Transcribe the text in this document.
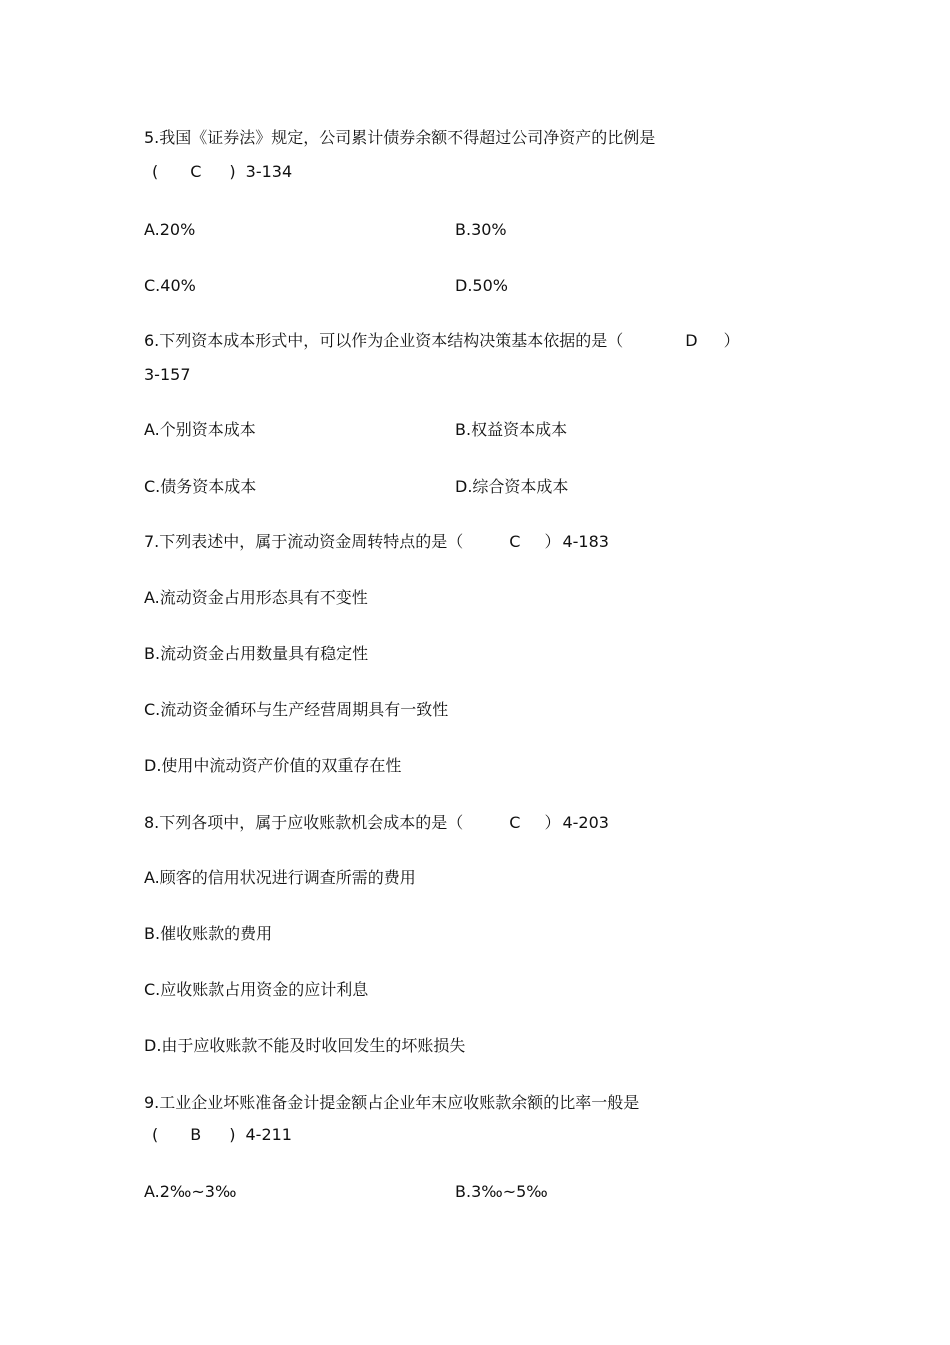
5.我国《证券法》规定，公司累计债券余额不得超过公司净资产的比例是
( C ) 3-134
A.20%	B.30%
C.40%	D.50%
6.下列资本成本形式中，可以作为企业资本结构决策基本依据的是（	D ）
3-157
A.个别资本成本	B.权益资本成本
C.债务资本成本	D.综合资本成本
7.下列表述中，属于流动资金周转特点的是（	C ） 4-183
A.流动资金占用形态具有不变性
B.流动资金占用数量具有稳定性
C.流动资金循环与生产经营周期具有一致性
D.使用中流动资产价值的双重存在性
8.下列各项中，属于应收账款机会成本的是（	C ） 4-203
A.顾客的信用状况进行调查所需的费用
B.催收账款的费用
C.应收账款占用资金的应计利息
D.由于应收账款不能及时收回发生的坏账损失
9.工业企业坏账准备金计提金额占企业年末应收账款余额的比率一般是
( B ) 4-211
A.2‰~3‰	B.3‰~5‰
